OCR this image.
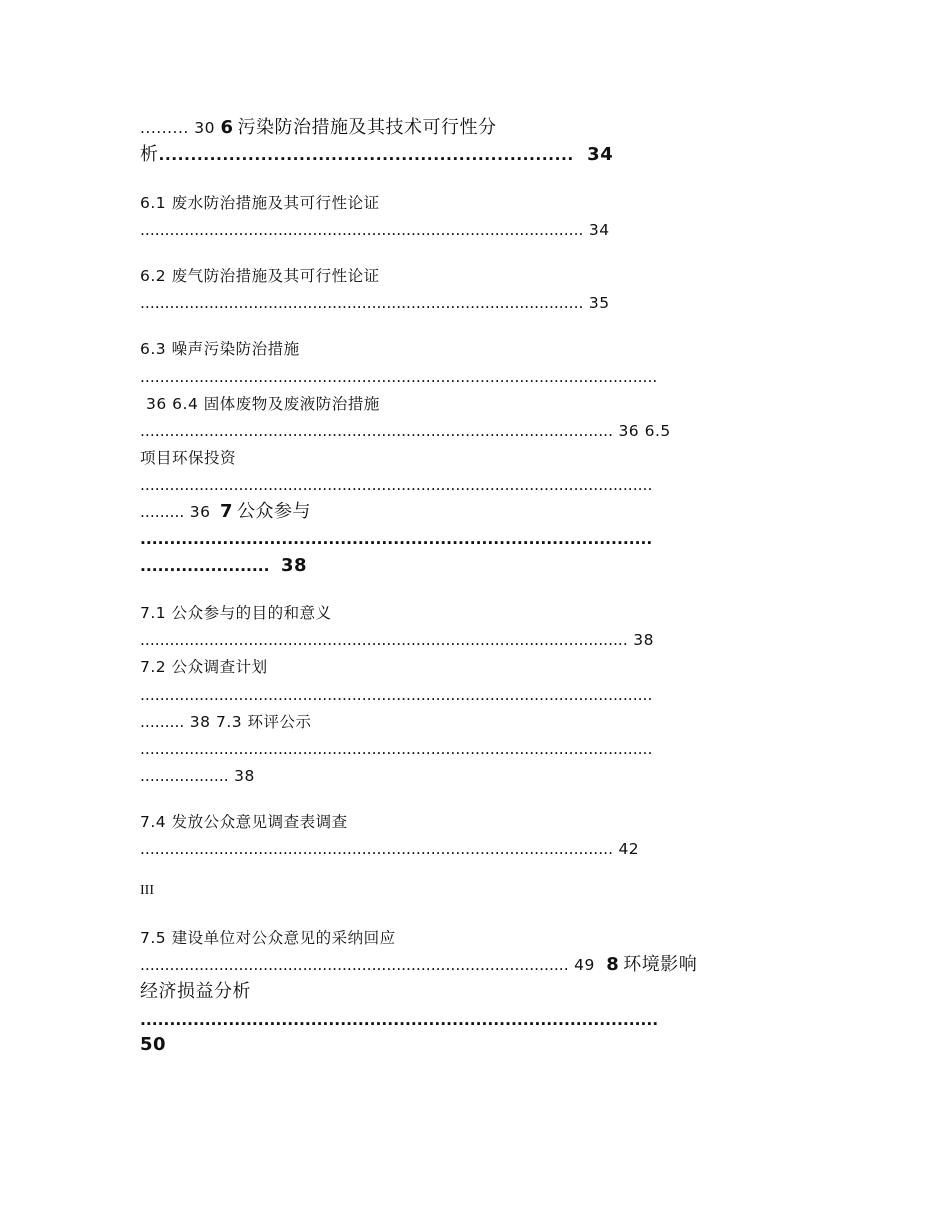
......... 30 6 污染防治措施及其技术可行性分
析................................................................. 34
6.1 废水防治措施及其可行性论证
.......................................................................................... 34
6.2 废气防治措施及其可行性论证
.......................................................................................... 35
6.3 噪声污染防治措施
.........................................................................................................
36 6.4 固体废物及废液防治措施
................................................................................................ 36 6.5
项目环保投资
........................................................................................................
......... 36 7 公众参与
.......................................................................................
...................... 38
7.1 公众参与的目的和意义
................................................................................................... 38
7.2 公众调查计划
........................................................................................................
......... 38 7.3 环评公示
........................................................................................................
.................. 38
7.4 发放公众意见调查表调查
................................................................................................ 42
III
7.5 建设单位对公众意见的采纳回应
....................................................................................... 49 8 环境影响
经济损益分析
........................................................................................
50
